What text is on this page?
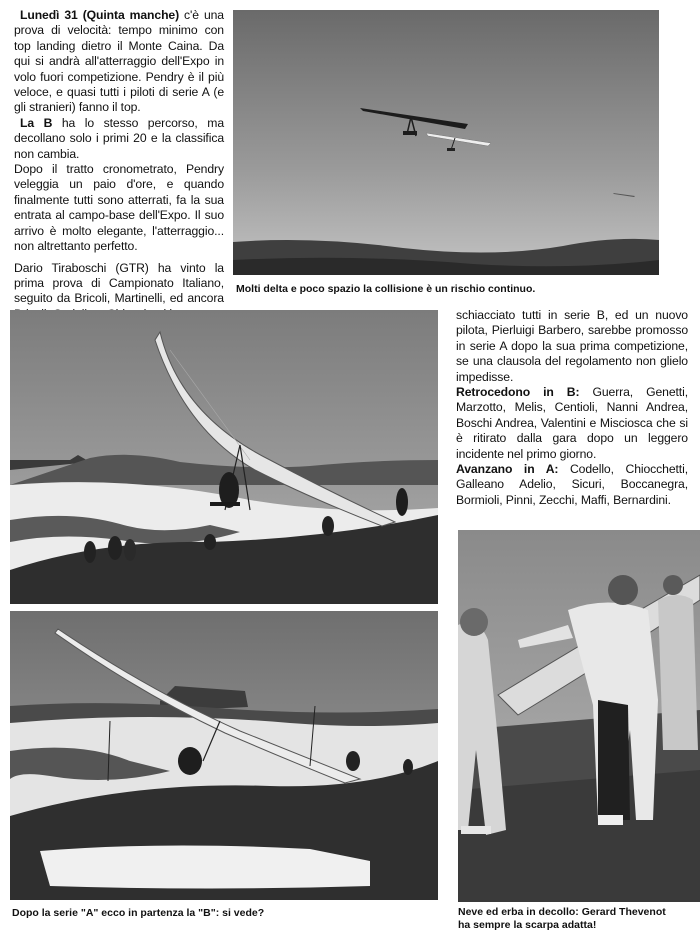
Lunedì 31 (Quinta manche) c'è una prova di velocità: tempo minimo con top landing dietro il Monte Caina. Da qui si andrà all'atterraggio dell'Expo in volo fuori competizione. Pendry è il più veloce, e quasi tutti i piloti di serie A (e gli stranieri) fanno il top.

La B ha lo stesso percorso, ma decollano solo i primi 20 e la classifica non cambia.

Dopo il tratto cronometrato, Pendry veleggia un paio d'ore, e quando finalmente tutti sono atterrati, fa la sua entrata al campo-base dell'Expo. Il suo arrivo è molto elegante, l'atterraggio... non altrettanto perfetto.

Dario Tiraboschi (GTR) ha vinto la prima prova di Campionato Italiano, seguito da Bricoli, Martinelli, ed ancora

Molti delta e poco spazio la collisione è un rischio continuo.

schiacciato tutti in serie B, ed un nuovo pilota, Pierluigi Barbero, sarebbe promosso in serie A dopo la sua prima competizione, se una clausola del regolamento non glielo impedisse.

Retrocedono in B: Guerra, Genetti, Marzotto, Melis, Centioli, Nanni Andrea, Boschi Andrea, Valentini e Misciosca che si è ritirato dalla gara dopo un leggero incidente nel primo giorno.

Avanzano in A: Codello, Chiocchetti, Galleano Adelio, Sicuri, Boccanegra, Bormioli, Pinni, Zecchi, Maffi, Bernardini.

Dopo la serie "A" ecco in partenza la "B": si vede?	Neve ed erba in decollo: Gerard Thevenot
ha sempre la scarpa adatta!
